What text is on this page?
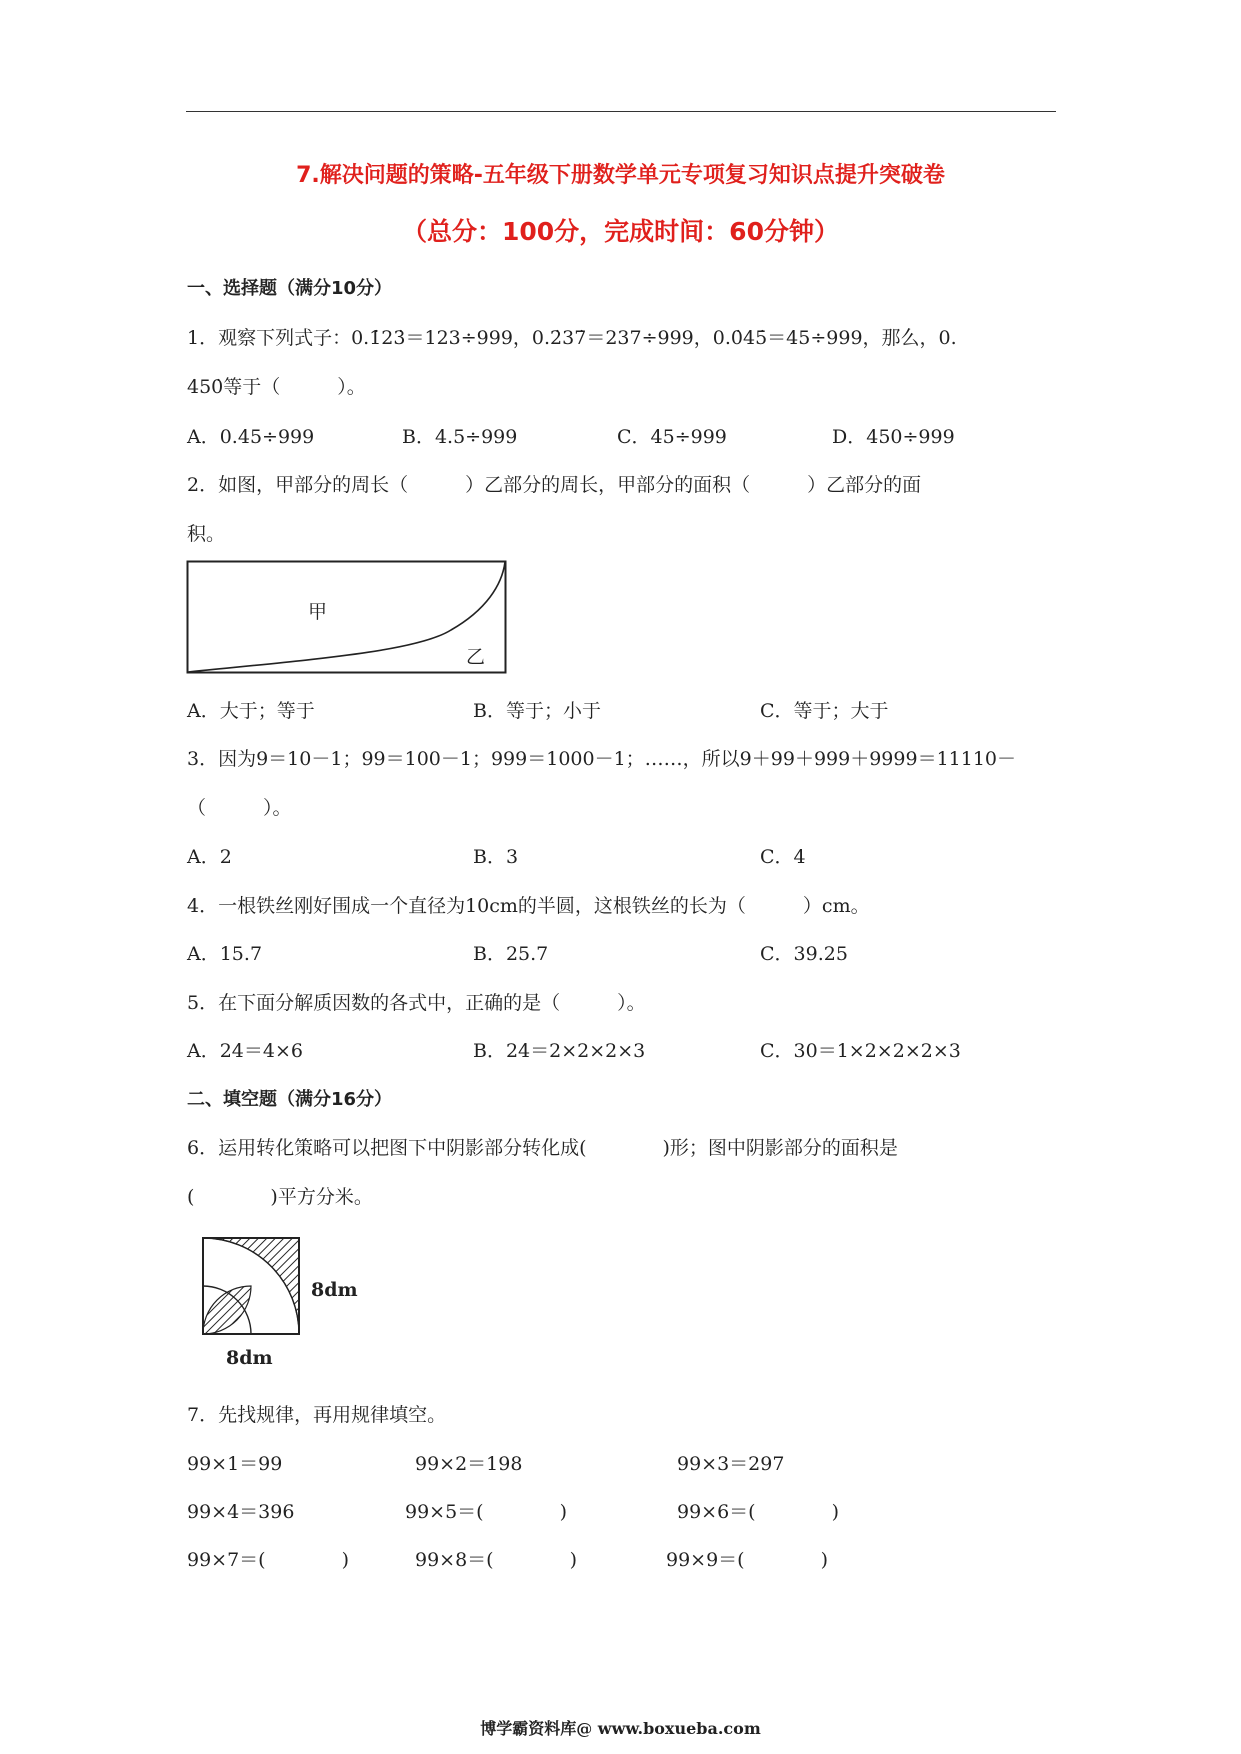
7.解决问题的策略-五年级下册数学单元专项复习知识点提升突破卷
（总分：100分，完成时间：60分钟）
一、选择题（满分10分）
1．观察下列式子：0.1̇23̇＝123÷999，0.2̇37̇＝237÷999，0.0̇45̇＝45÷999，那么，0.
4̇50̇等于（　　　）。
A．0.45÷999	B．4.5÷999	C．45÷999	D．450÷999
2．如图，甲部分的周长（　　　）乙部分的周长，甲部分的面积（　　　）乙部分的面
积。
甲
乙
A．大于；等于	B．等于；小于	C．等于；大于
3．因为9＝10－1；99＝100－1；999＝1000－1；……，所以9＋99＋999＋9999＝11110－
（　　　）。
A．2	B．3	C．4
4．一根铁丝刚好围成一个直径为10cm的半圆，这根铁丝的长为（　　　）cm。
A．15.7	B．25.7	C．39.25
5．在下面分解质因数的各式中，正确的是（　　　）。
A．24＝4×6	B．24＝2×2×2×3	C．30＝1×2×2×2×3
二、填空题（满分16分）
6．运用转化策略可以把图下中阴影部分转化成(　　　　)形；图中阴影部分的面积是
(　　　　)平方分米。
8dm
8dm
7．先找规律，再用规律填空。
99×1＝99	99×2＝198	99×3＝297
99×4＝396	99×5＝(　　　　)	99×6＝(　　　　)
99×7＝(　　　　)	99×8＝(　　　　)	99×9＝(　　　　)
博学霸资料库@ www.boxueba.com
